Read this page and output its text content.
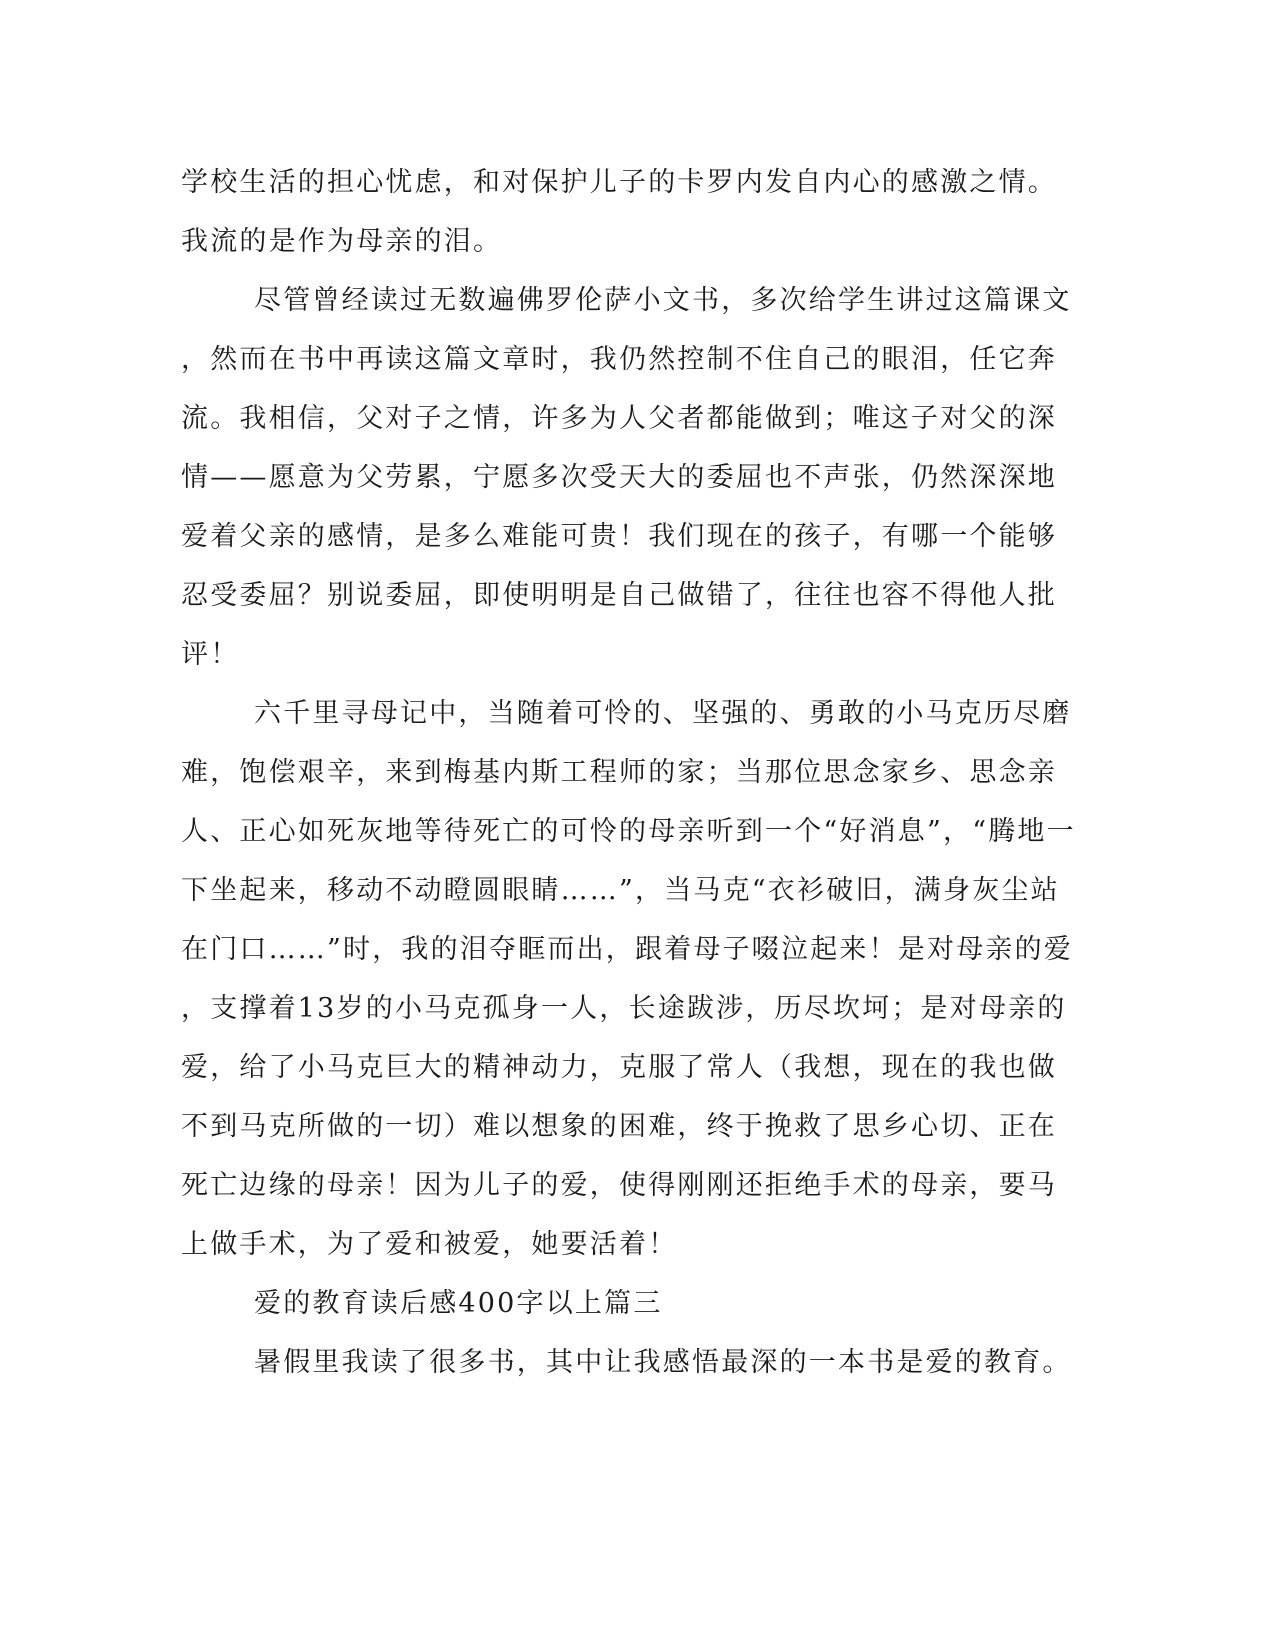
学校生活的担心忧虑，和对保护儿子的卡罗内发自内心的感激之情。
我流的是作为母亲的泪。
尽管曾经读过无数遍佛罗伦萨小文书，多次给学生讲过这篇课文
，然而在书中再读这篇文章时，我仍然控制不住自己的眼泪，任它奔
流。我相信，父对子之情，许多为人父者都能做到；唯这子对父的深
情——愿意为父劳累，宁愿多次受天大的委屈也不声张，仍然深深地
爱着父亲的感情，是多么难能可贵！我们现在的孩子，有哪一个能够
忍受委屈？别说委屈，即使明明是自己做错了，往往也容不得他人批
评！
六千里寻母记中，当随着可怜的、坚强的、勇敢的小马克历尽磨
难，饱偿艰辛，来到梅基内斯工程师的家；当那位思念家乡、思念亲
人、正心如死灰地等待死亡的可怜的母亲听到一个“好消息”，“腾地一
下坐起来，移动不动瞪圆眼睛……”，当马克“衣衫破旧，满身灰尘站
在门口……”时，我的泪夺眶而出，跟着母子啜泣起来！是对母亲的爱
，支撑着13岁的小马克孤身一人，长途跋涉，历尽坎坷；是对母亲的
爱，给了小马克巨大的精神动力，克服了常人（我想，现在的我也做
不到马克所做的一切）难以想象的困难，终于挽救了思乡心切、正在
死亡边缘的母亲！因为儿子的爱，使得刚刚还拒绝手术的母亲，要马
上做手术，为了爱和被爱，她要活着！
爱的教育读后感400字以上篇三
暑假里我读了很多书，其中让我感悟最深的一本书是爱的教育。
